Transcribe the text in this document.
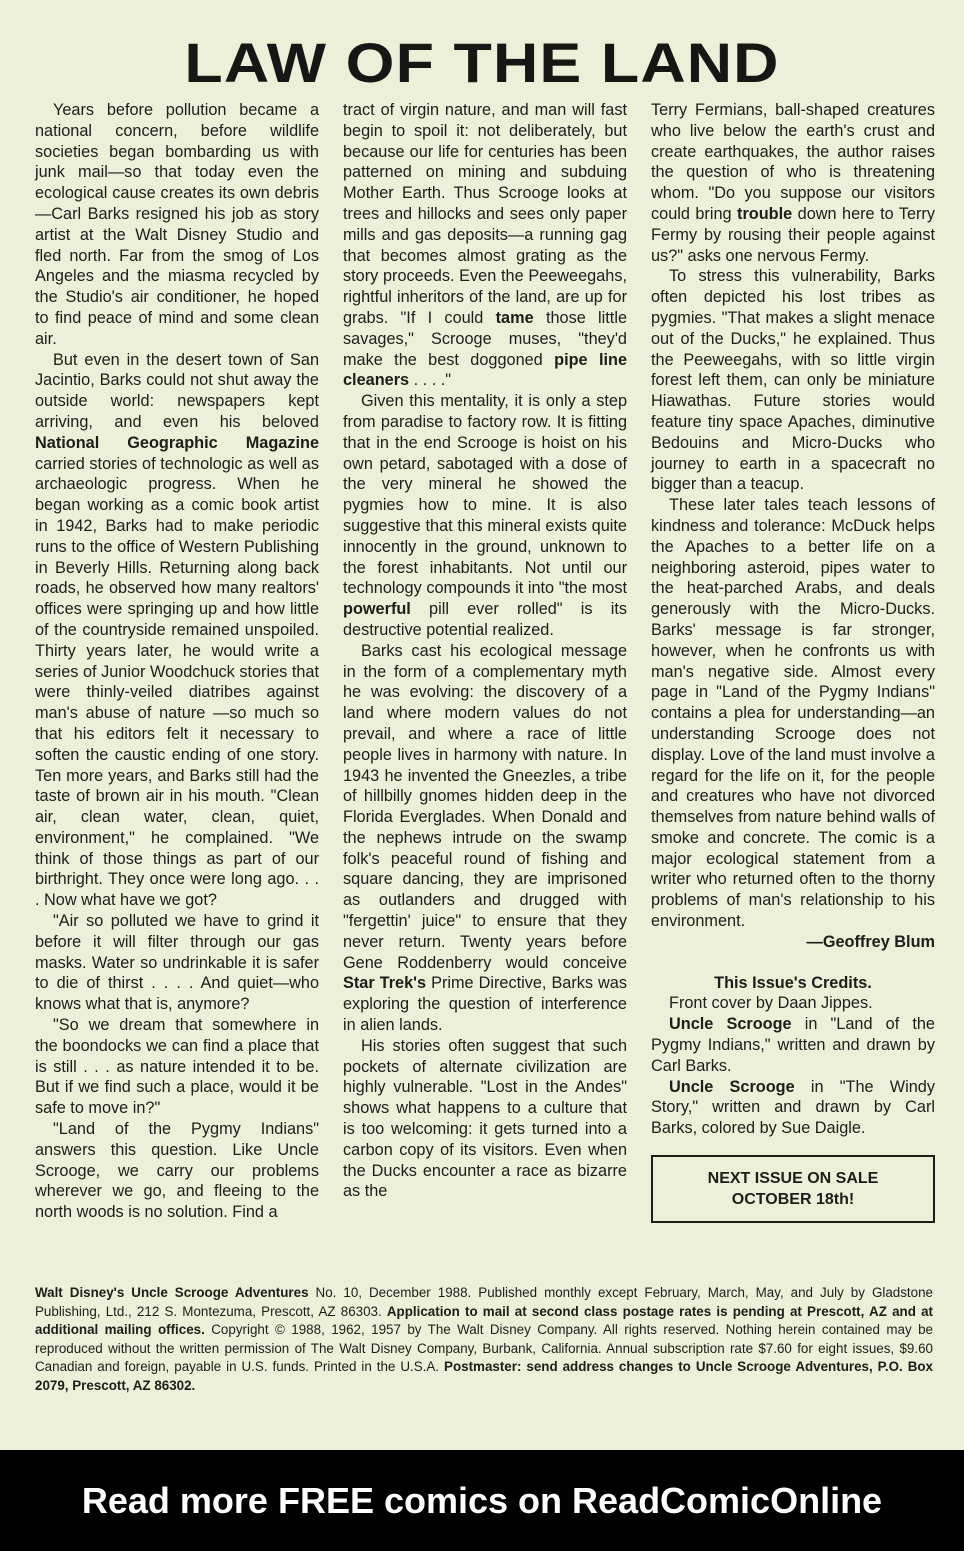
LAW OF THE LAND

Years before pollution became a national concern, before wildlife societies began bombarding us with junk mail—so that today even the ecological cause creates its own debris—Carl Barks resigned his job as story artist at the Walt Disney Studio and fled north. Far from the smog of Los Angeles and the miasma recycled by the Studio's air conditioner, he hoped to find peace of mind and some clean air.

But even in the desert town of San Jacintio, Barks could not shut away the outside world: newspapers kept arriving, and even his beloved National Geographic Magazine carried stories of technologic as well as archaeologic progress. When he began working as a comic book artist in 1942, Barks had to make periodic runs to the office of Western Publishing in Beverly Hills. Returning along back roads, he observed how many realtors' offices were springing up and how little of the countryside remained unspoiled. Thirty years later, he would write a series of Junior Woodchuck stories that were thinly-veiled diatribes against man's abuse of nature —so much so that his editors felt it necessary to soften the caustic ending of one story. Ten more years, and Barks still had the taste of brown air in his mouth. "Clean air, clean water, clean, quiet, environment," he complained. "We think of those things as part of our birthright. They once were long ago. . . . Now what have we got?

"Air so polluted we have to grind it before it will filter through our gas masks. Water so undrinkable it is safer to die of thirst . . . . And quiet—who knows what that is, anymore?

"So we dream that somewhere in the boondocks we can find a place that is still . . . as nature intended it to be. But if we find such a place, would it be safe to move in?"

"Land of the Pygmy Indians" answers this question. Like Uncle Scrooge, we carry our problems wherever we go, and fleeing to the north woods is no solution. Find a

tract of virgin nature, and man will fast begin to spoil it: not deliberately, but because our life for centuries has been patterned on mining and subduing Mother Earth. Thus Scrooge looks at trees and hillocks and sees only paper mills and gas deposits—a running gag that becomes almost grating as the story proceeds. Even the Peeweegahs, rightful inheritors of the land, are up for grabs. "If I could tame those little savages," Scrooge muses, "they'd make the best doggoned pipe line cleaners . . . ."

Given this mentality, it is only a step from paradise to factory row. It is fitting that in the end Scrooge is hoist on his own petard, sabotaged with a dose of the very mineral he showed the pygmies how to mine. It is also suggestive that this mineral exists quite innocently in the ground, unknown to the forest inhabitants. Not until our technology compounds it into "the most powerful pill ever rolled" is its destructive potential realized.

Barks cast his ecological message in the form of a complementary myth he was evolving: the discovery of a land where modern values do not prevail, and where a race of little people lives in harmony with nature. In 1943 he invented the Gneezles, a tribe of hillbilly gnomes hidden deep in the Florida Everglades. When Donald and the nephews intrude on the swamp folk's peaceful round of fishing and square dancing, they are imprisoned as outlanders and drugged with "fergettin' juice" to ensure that they never return. Twenty years before Gene Roddenberry would conceive Star Trek's Prime Directive, Barks was exploring the question of interference in alien lands.

His stories often suggest that such pockets of alternate civilization are highly vulnerable. "Lost in the Andes" shows what happens to a culture that is too welcoming: it gets turned into a carbon copy of its visitors. Even when the Ducks encounter a race as bizarre as the

Terry Fermians, ball-shaped creatures who live below the earth's crust and create earthquakes, the author raises the question of who is threatening whom. "Do you suppose our visitors could bring trouble down here to Terry Fermy by rousing their people against us?" asks one nervous Fermy.

To stress this vulnerability, Barks often depicted his lost tribes as pygmies. "That makes a slight menace out of the Ducks," he explained. Thus the Peeweegahs, with so little virgin forest left them, can only be miniature Hiawathas. Future stories would feature tiny space Apaches, diminutive Bedouins and Micro-Ducks who journey to earth in a spacecraft no bigger than a teacup.

These later tales teach lessons of kindness and tolerance: McDuck helps the Apaches to a better life on a neighboring asteroid, pipes water to the heat-parched Arabs, and deals generously with the Micro-Ducks. Barks' message is far stronger, however, when he confronts us with man's negative side. Almost every page in "Land of the Pygmy Indians" contains a plea for understanding—an understanding Scrooge does not display. Love of the land must involve a regard for the life on it, for the people and creatures who have not divorced themselves from nature behind walls of smoke and concrete. The comic is a major ecological statement from a writer who returned often to the thorny problems of man's relationship to his environment.

—Geoffrey Blum

This Issue's Credits.

Front cover by Daan Jippes.

Uncle Scrooge in "Land of the Pygmy Indians," written and drawn by Carl Barks.

Uncle Scrooge in "The Windy Story," written and drawn by Carl Barks, colored by Sue Daigle.

NEXT ISSUE ON SALE
OCTOBER 18th!
Walt Disney's Uncle Scrooge Adventures No. 10, December 1988. Published monthly except February, March, May, and July by Gladstone Publishing, Ltd., 212 S. Montezuma, Prescott, AZ 86303. Application to mail at second class postage rates is pending at Prescott, AZ and at additional mailing offices. Copyright © 1988, 1962, 1957 by The Walt Disney Company. All rights reserved. Nothing herein contained may be reproduced without the written permission of The Walt Disney Company, Burbank, California. Annual subscription rate $7.60 for eight issues, $9.60 Canadian and foreign, payable in U.S. funds. Printed in the U.S.A. Postmaster: send address changes to Uncle Scrooge Adventures, P.O. Box 2079, Prescott, AZ 86302.
Read more FREE comics on ReadComicOnline
